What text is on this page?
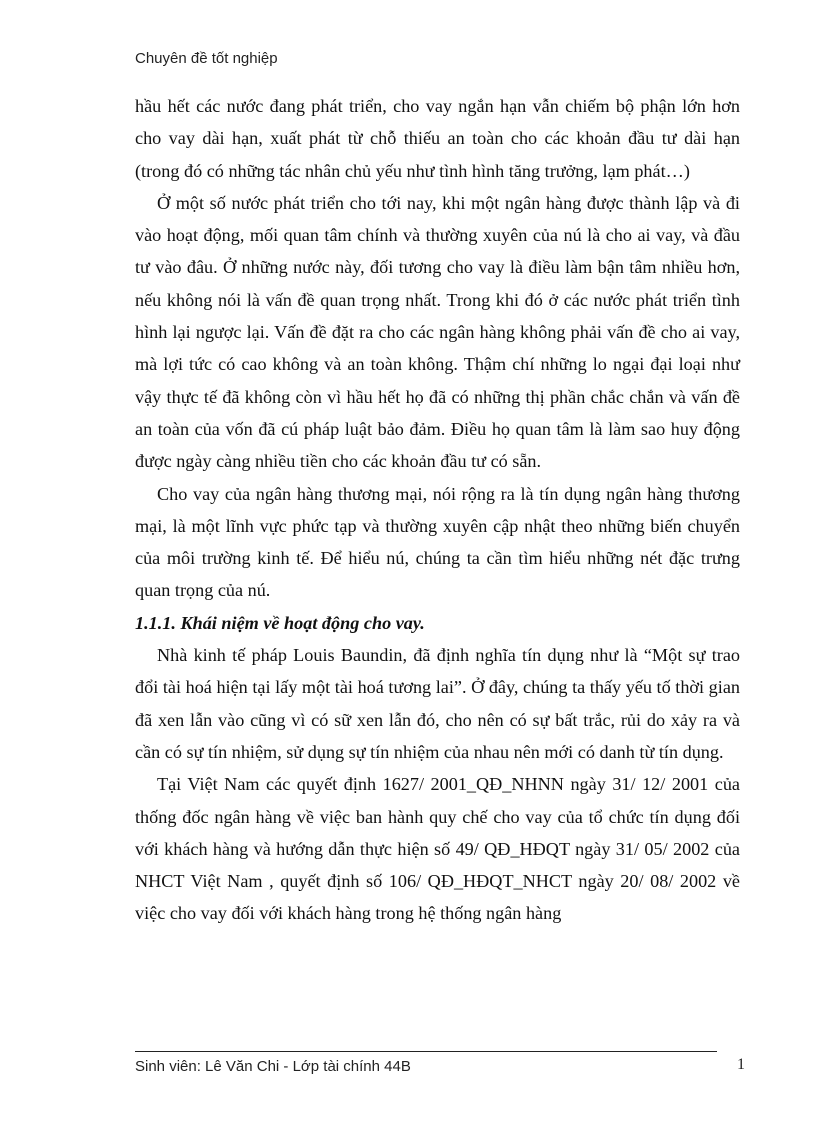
Chuyên đề tốt nghiệp

hầu hết các nước đang phát triển, cho vay ngắn hạn vẫn chiếm bộ phận lớn hơn cho vay dài hạn, xuất phát từ chỗ thiếu an toàn cho các khoản đầu tư dài hạn (trong đó có những tác nhân chủ yếu như tình hình tăng trưởng, lạm phát…)

Ở một số nước phát triển cho tới nay, khi một ngân hàng được thành lập và đi vào hoạt động, mối quan tâm chính và thường xuyên của nú là cho ai vay, và đầu tư vào đâu. Ở những nước này, đối tương cho vay là điều làm bận tâm nhiều hơn, nếu không nói là vấn đề quan trọng nhất. Trong khi đó ở các nước phát triển tình hình lại ngược lại. Vấn đề đặt ra cho các ngân hàng không phải vấn đề cho ai vay, mà lợi tức có cao không và an toàn không. Thậm chí những lo ngại đại loại như vậy thực tế đã không còn vì hầu hết họ đã có những thị phần chắc chắn và vấn đề an toàn của vốn đã cú pháp luật bảo đảm. Điều họ quan tâm là làm sao huy động được ngày càng nhiều tiền cho các khoản đầu tư có sẵn.

Cho vay của ngân hàng thương mại, nói rộng ra là tín dụng ngân hàng thương mại, là một lĩnh vực phức tạp và thường xuyên cập nhật theo những biến chuyển của môi trường kinh tế. Để hiểu nú, chúng ta cần tìm hiểu những nét đặc trưng quan trọng của nú.

1.1.1. Khái niệm về hoạt động cho vay.

Nhà kinh tế pháp Louis Baundin, đã định nghĩa tín dụng như là “Một sự trao đổi tài hoá hiện tại lấy một tài hoá tương lai”. Ở đây, chúng ta thấy yếu tố thời gian đã xen lẫn vào cũng vì có sữ xen lẫn đó, cho nên có sự bất trắc, rủi do xảy ra và cần có sự tín nhiệm, sử dụng sự tín nhiệm của nhau nên mới có danh từ tín dụng.

Tại Việt Nam các quyết định 1627/ 2001_QĐ_NHNN ngày 31/ 12/ 2001 của thống đốc ngân hàng về việc ban hành quy chế cho vay của tổ chức tín dụng đối với khách hàng và hướng dẫn thực hiện số 49/ QĐ_HĐQT ngày 31/ 05/ 2002 của NHCT Việt Nam , quyết định số 106/ QĐ_HĐQT_NHCT ngày 20/ 08/ 2002 về việc cho vay đối với khách hàng trong hệ thống ngân hàng

Sinh viên: Lê Văn Chi - Lớp tài chính 44B	1
